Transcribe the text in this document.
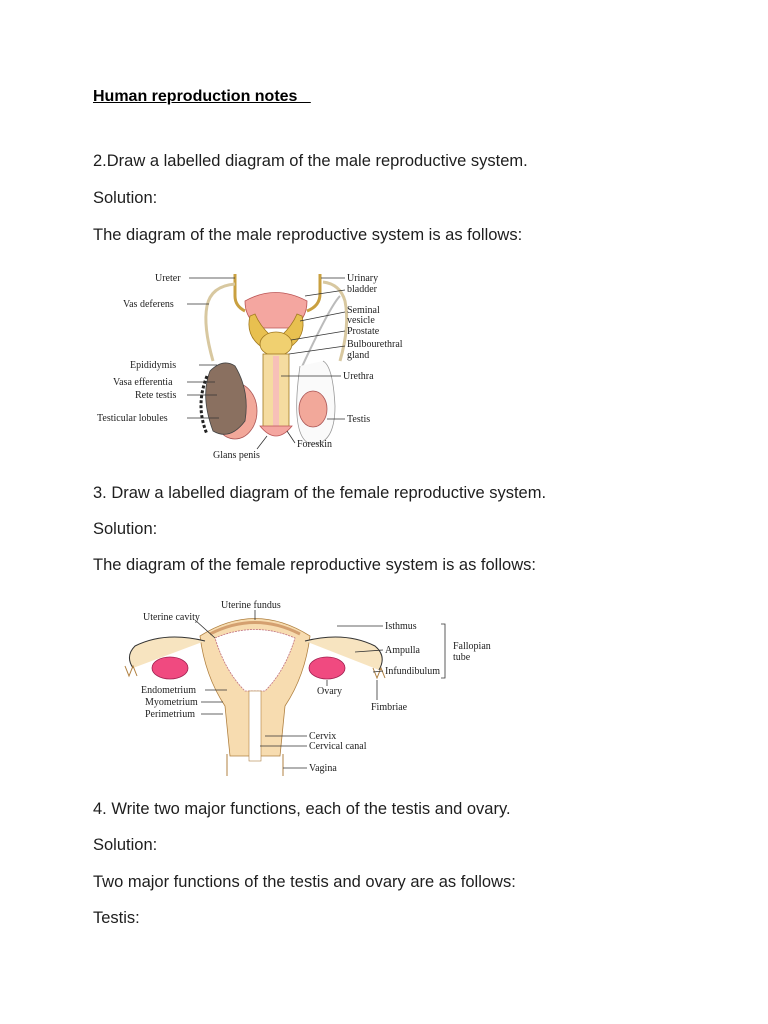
Human reproduction notes
2.Draw a labelled diagram of the male reproductive system.
Solution:
The diagram of the male reproductive system is as follows:
Ureter
Vas deferens
Epididymis
Vasa efferentia
Rete testis
Testicular lobules
Glans penis
Urinary
bladder
Seminal
vesicle
Prostate
Bulbourethral
gland
Urethra
Testis
Foreskin
3. Draw a labelled diagram of the female reproductive system.
Solution:
The diagram of the female reproductive system is as follows:
Uterine fundus
Uterine cavity
Isthmus
Ampulla
Infundibulum
Fallopian
tube
Endometrium
Myometrium
Perimetrium
Ovary
Fimbriae
Cervix
Cervical canal
Vagina
4. Write two major functions, each of the testis and ovary.
Solution:
Two major functions of the testis and ovary are as follows:
Testis:
